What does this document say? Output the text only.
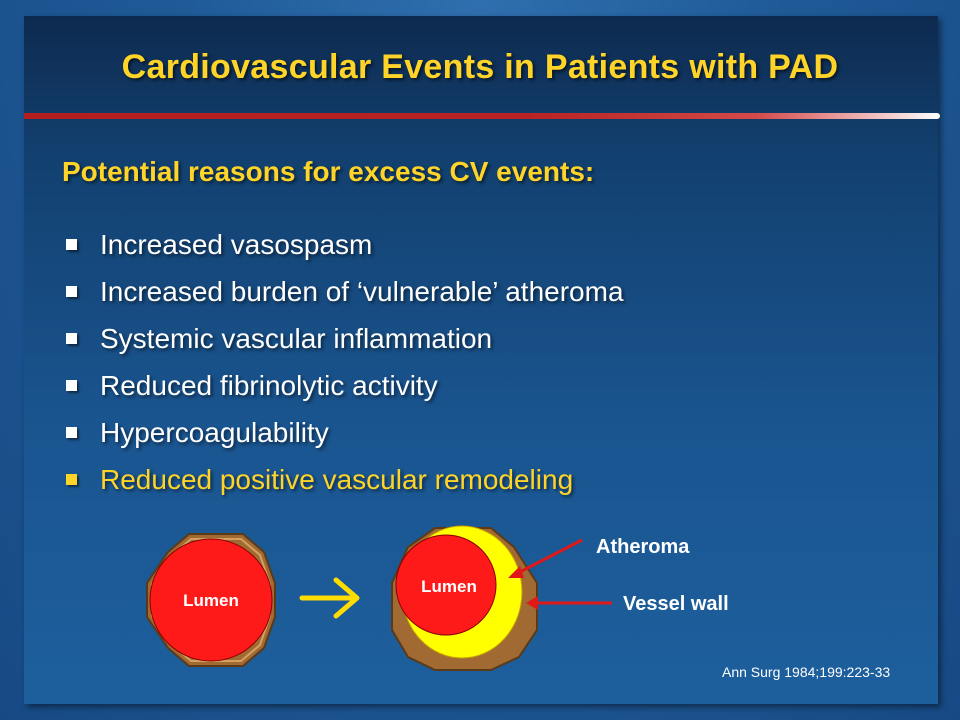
Cardiovascular Events in Patients with PAD
Potential reasons for excess CV events:
Increased vasospasm
Increased burden of ‘vulnerable’ atheroma
Systemic vascular inflammation
Reduced fibrinolytic activity
Hypercoagulability
Reduced positive vascular remodeling
Lumen
Lumen
Atheroma
Vessel wall
Ann Surg 1984;199:223-33
